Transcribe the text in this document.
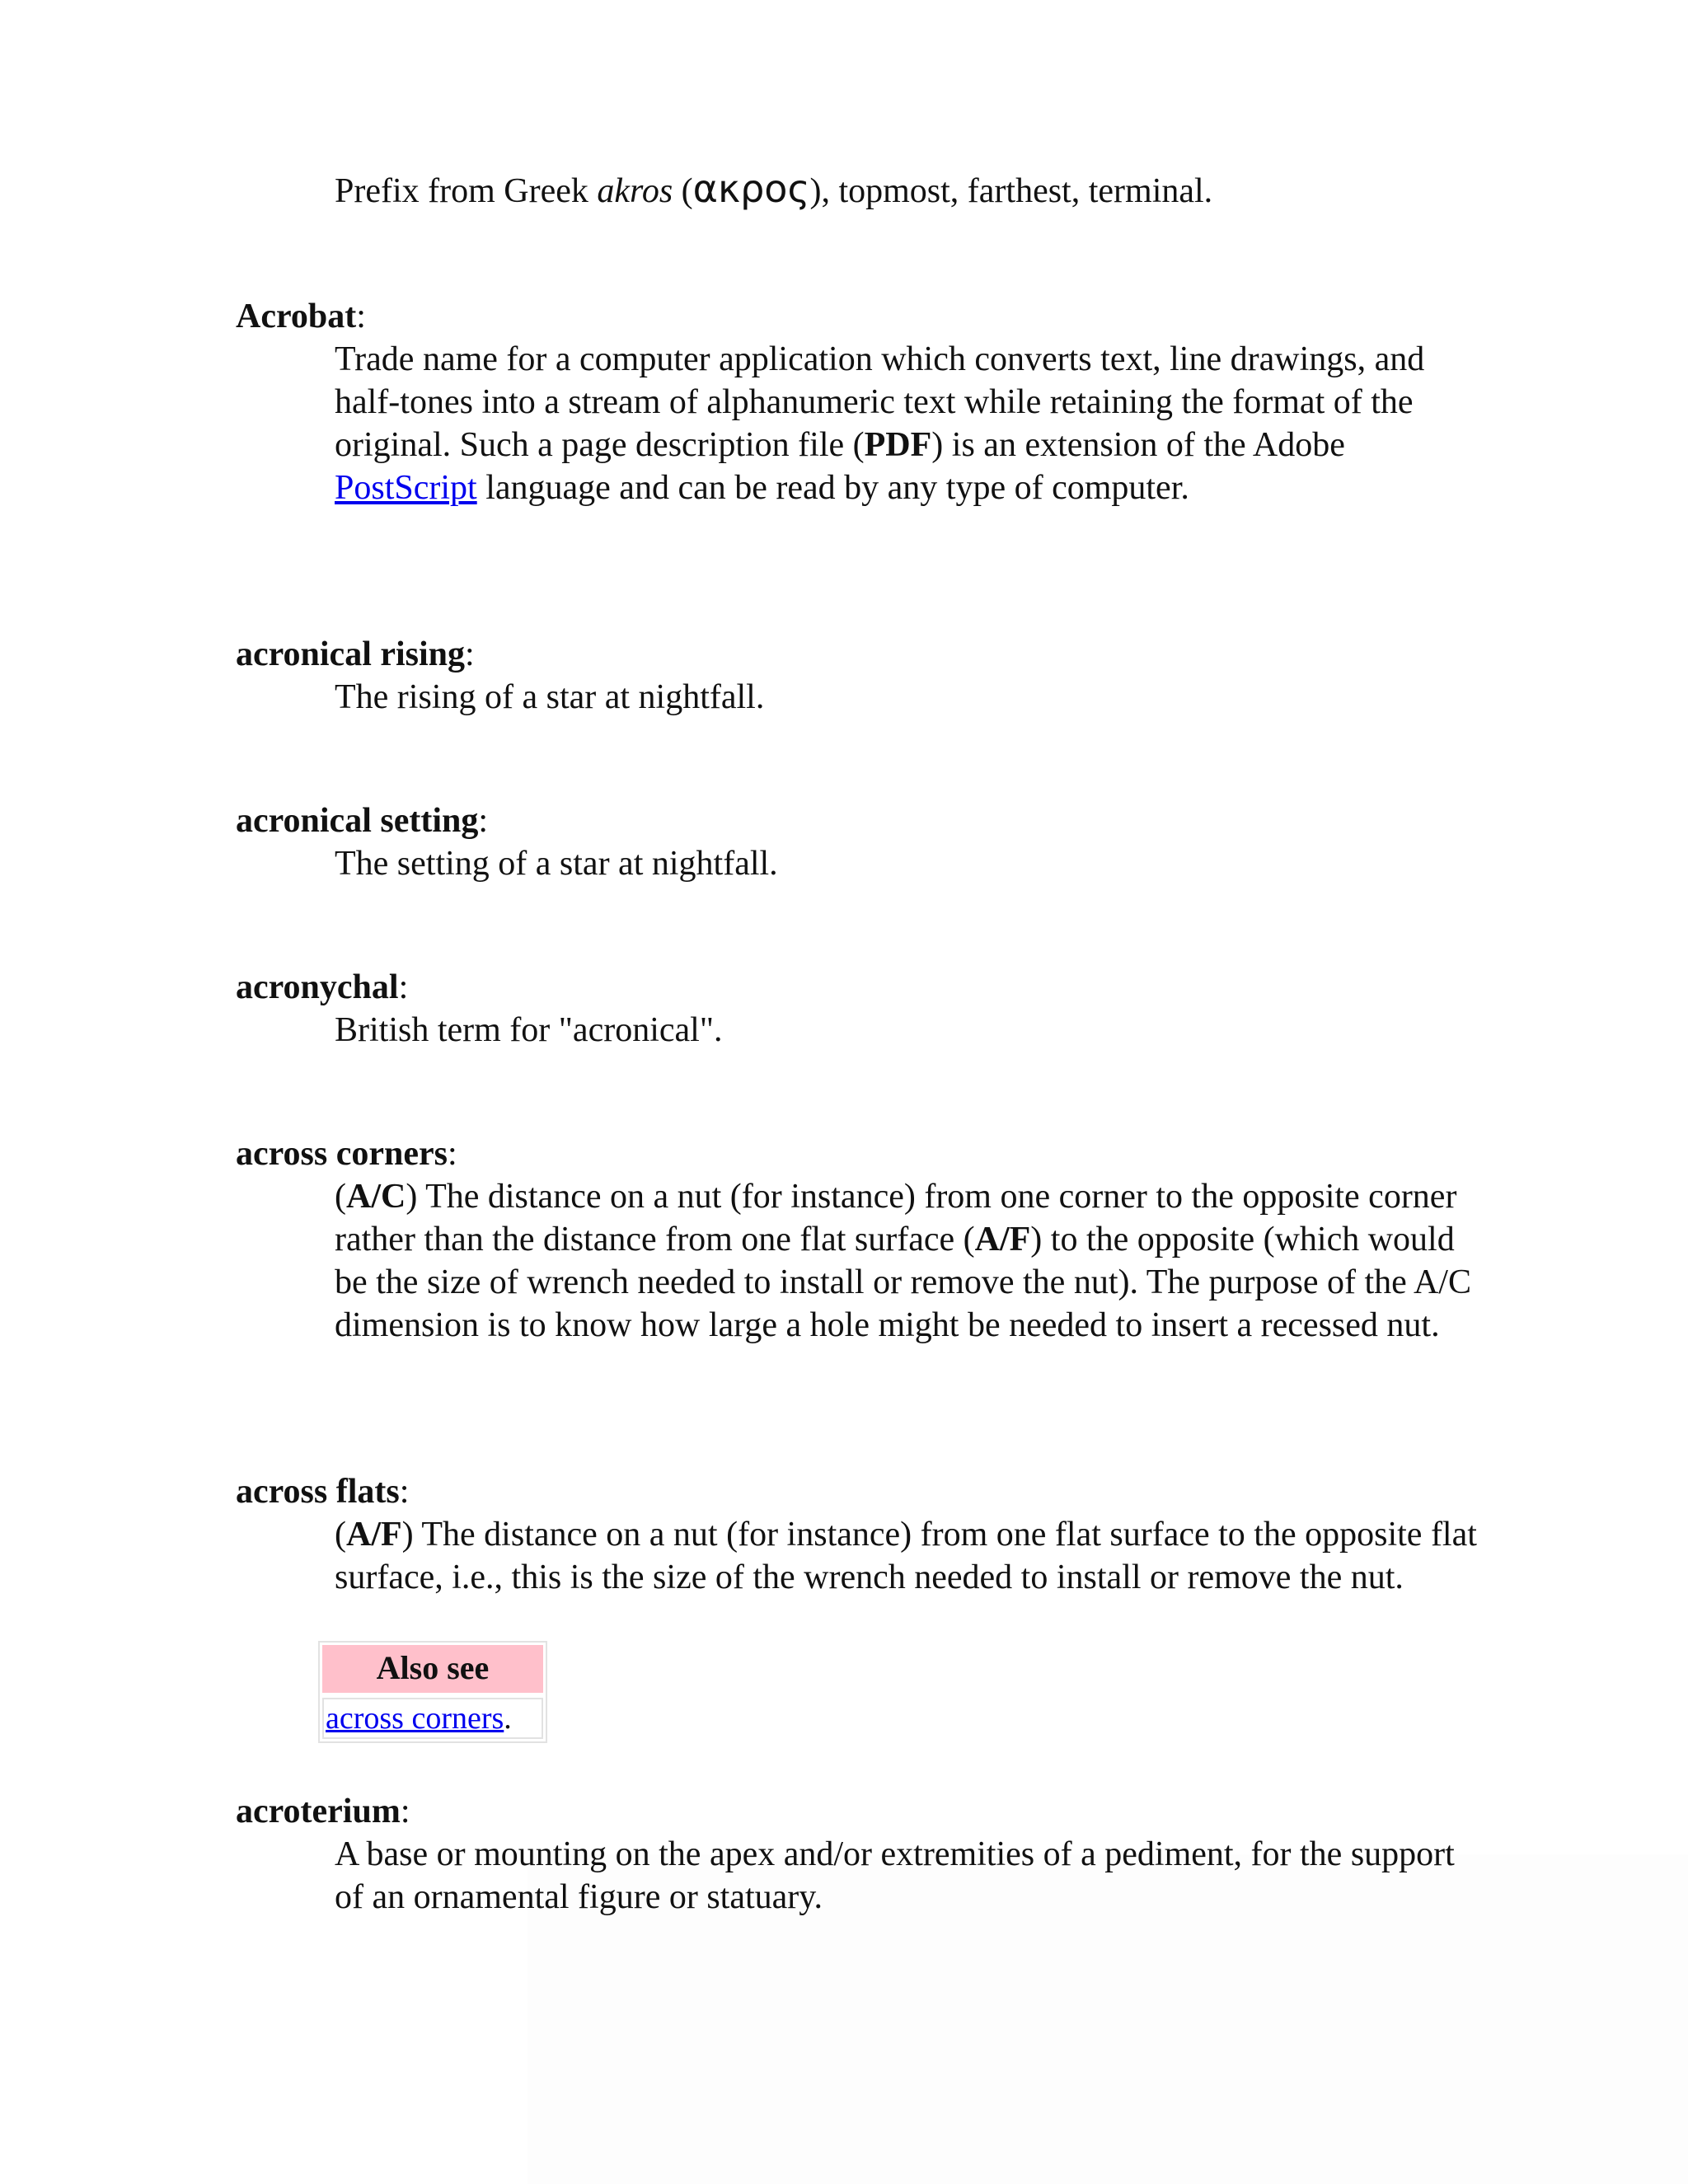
Prefix from Greek akros (ακρος), topmost, farthest, terminal.
Acrobat:
Trade name for a computer application which converts text, line drawings, and half-tones into a stream of alphanumeric text while retaining the format of the original. Such a page description file (PDF) is an extension of the Adobe PostScript language and can be read by any type of computer.
acronical rising:
The rising of a star at nightfall.
acronical setting:
The setting of a star at nightfall.
acronychal:
British term for "acronical".
across corners:
(A/C) The distance on a nut (for instance) from one corner to the opposite corner rather than the distance from one flat surface (A/F) to the opposite (which would be the size of wrench needed to install or remove the nut). The purpose of the A/C dimension is to know how large a hole might be needed to insert a recessed nut.
across flats:
(A/F) The distance on a nut (for instance) from one flat surface to the opposite flat surface, i.e., this is the size of the wrench needed to install or remove the nut.
Also see
across corners.
acroterium:
A base or mounting on the apex and/or extremities of a pediment, for the support of an ornamental figure or statuary.
